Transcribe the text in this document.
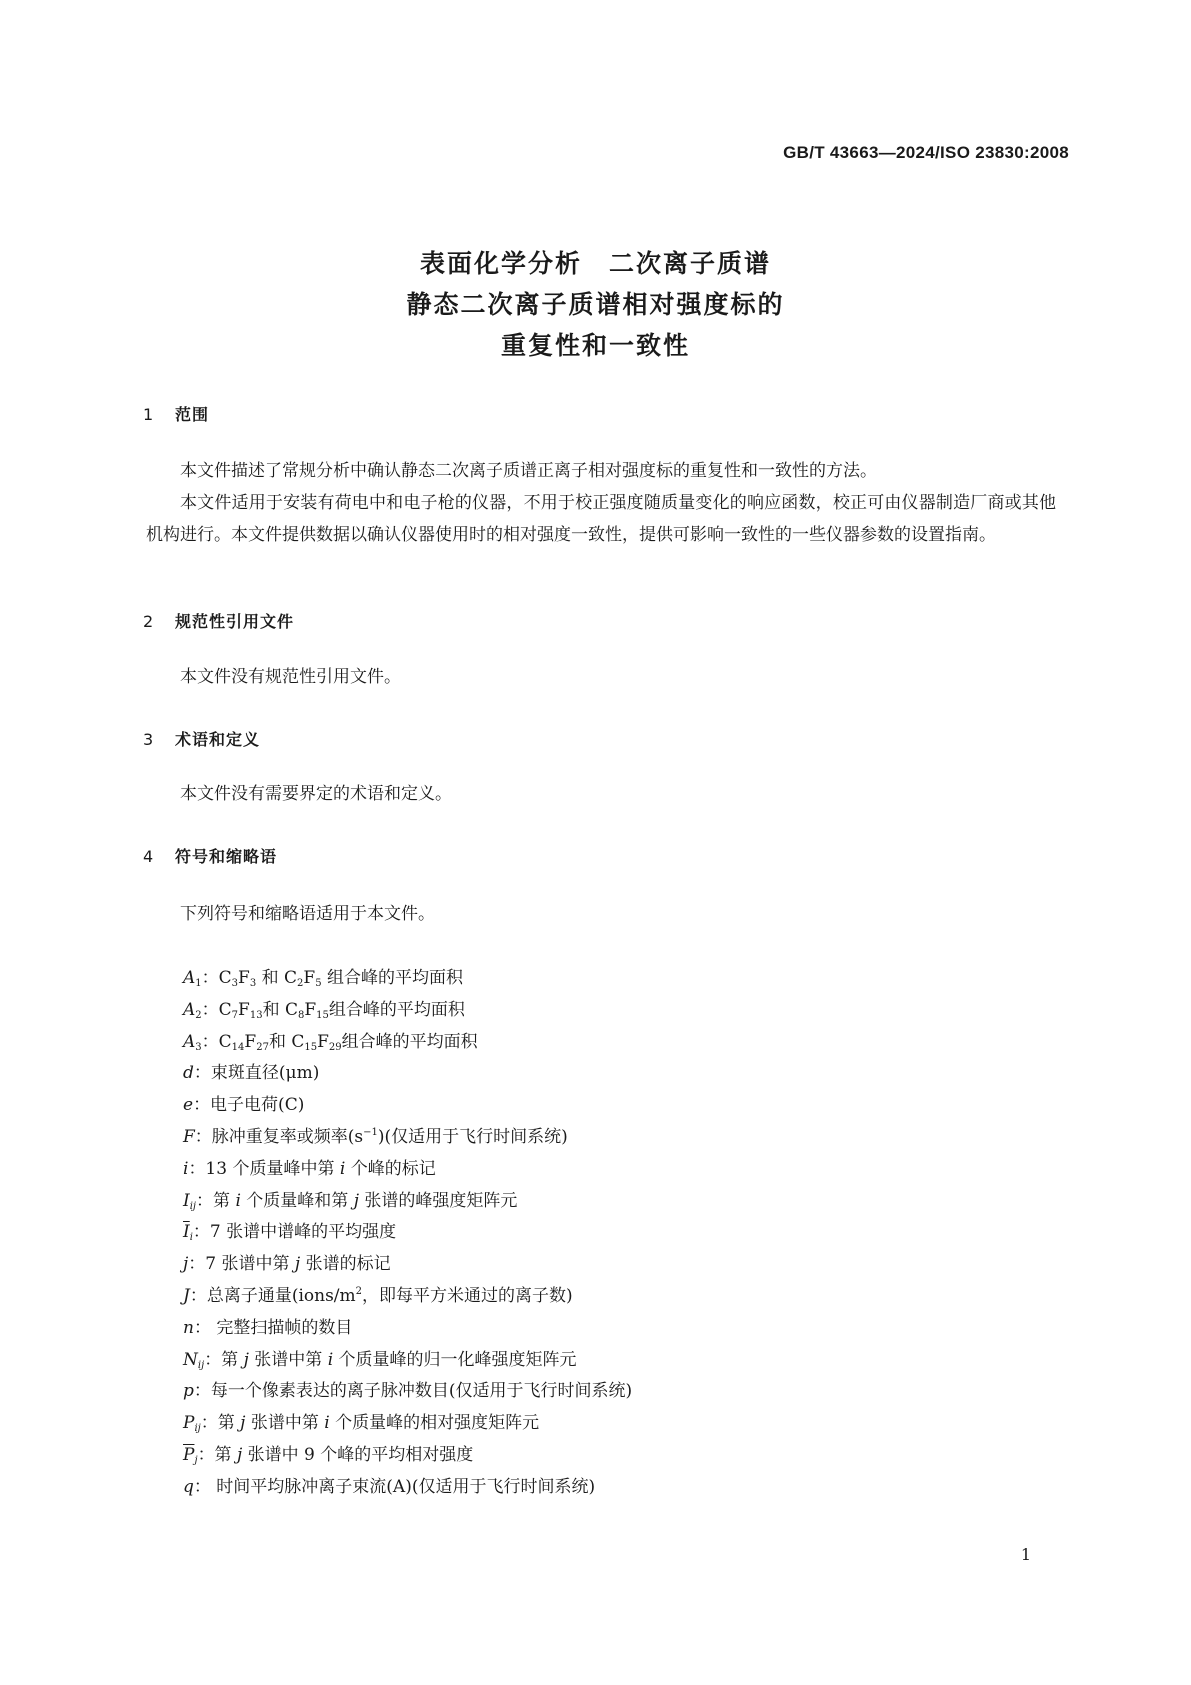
GB/T 43663—2024/ISO 23830:2008
表面化学分析　二次离子质谱
静态二次离子质谱相对强度标的
重复性和一致性
1 范围

本文件描述了常规分析中确认静态二次离子质谱正离子相对强度标的重复性和一致性的方法。

本文件适用于安装有荷电中和电子枪的仪器，不用于校正强度随质量变化的响应函数，校正可由仪器制造厂商或其他机构进行。本文件提供数据以确认仪器使用时的相对强度一致性，提供可影响一致性的一些仪器参数的设置指南。

2 规范性引用文件

本文件没有规范性引用文件。

3 术语和定义

本文件没有需要界定的术语和定义。

4 符号和缩略语

下列符号和缩略语适用于本文件。

$A_1$：$C_3F_3$ 和 $C_2F_5$ 组合峰的平均面积
$A_2$：$C_7F_{13}$和 $C_8F_{15}$组合峰的平均面积
$A_3$：$C_{14}F_{27}$和 $C_{15}F_{29}$组合峰的平均面积
d：束斑直径(μm)
e：电子电荷(C)
F：脉冲重复率或频率$(s^{-1})$(仅适用于飞行时间系统)
i：13 个质量峰中第 i 个峰的标记
$I_{ij}$：第 i 个质量峰和第 j 张谱的峰强度矩阵元
$\overline{I}_i$：7 张谱中谱峰的平均强度
j：7 张谱中第 j 张谱的标记
J：总离子通量($ions/m^2$，即每平方米通过的离子数)
n： 完整扫描帧的数目
$N_{ij}$：第 j 张谱中第 i 个质量峰的归一化峰强度矩阵元
p：每一个像素表达的离子脉冲数目(仅适用于飞行时间系统)
$P_{ij}$：第 j 张谱中第 i 个质量峰的相对强度矩阵元
$\overline{P}_j$：第 j 张谱中 9 个峰的平均相对强度
q： 时间平均脉冲离子束流(A)(仅适用于飞行时间系统)
1
